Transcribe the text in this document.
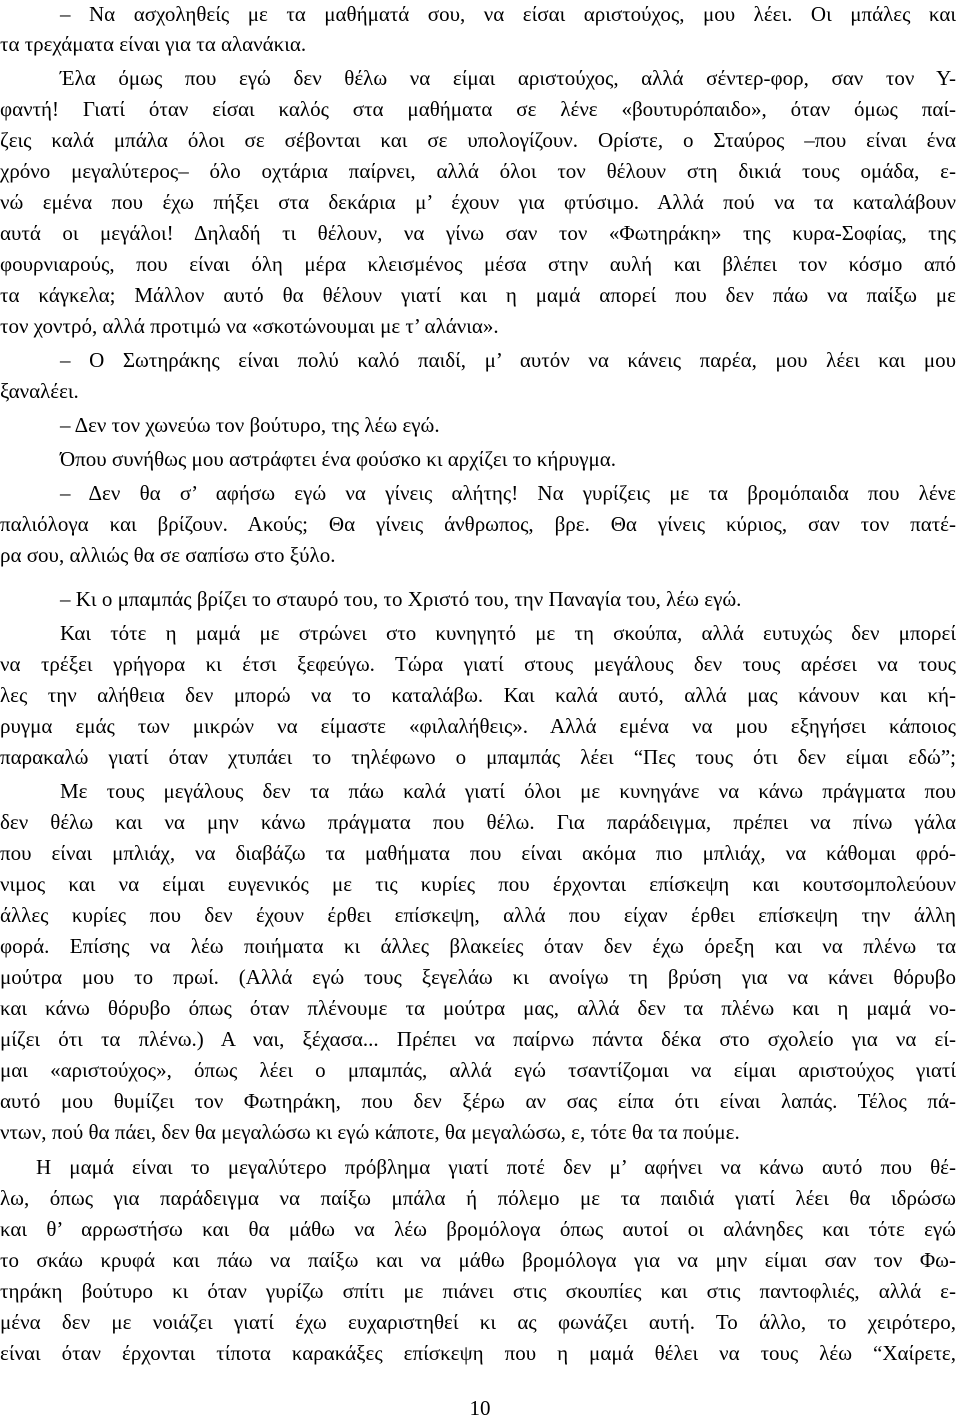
– Να ασχοληθείς με τα μαθήματά σου, να είσαι αριστούχος, μου λέει. Οι μπάλες και
τα τρεχάματα είναι για τα αλανάκια.
Έλα όμως που εγώ δεν θέλω να είμαι αριστούχος, αλλά σέντερ-φορ, σαν τον Υ-
φαντή! Γιατί όταν είσαι καλός στα μαθήματα σε λένε «βουτυρόπαιδο», όταν όμως παί-
ζεις καλά μπάλα όλοι σε σέβονται και σε υπολογίζουν. Ορίστε, ο Σταύρος –που είναι ένα
χρόνο μεγαλύτερος– όλο οχτάρια παίρνει, αλλά όλοι τον θέλουν στη δικιά τους ομάδα, ε-
νώ εμένα που έχω πήξει στα δεκάρια μ’ έχουν για φτύσιμο. Αλλά πού να τα καταλάβουν
αυτά οι μεγάλοι! Δηλαδή τι θέλουν, να γίνω σαν τον «Φωτηράκη» της κυρα-Σοφίας, της
φουρνιαρούς, που είναι όλη μέρα κλεισμένος μέσα στην αυλή και βλέπει τον κόσμο από
τα κάγκελα; Μάλλον αυτό θα θέλουν γιατί και η μαμά απορεί που δεν πάω να παίξω με
τον χοντρό, αλλά προτιμώ να «σκοτώνουμαι με τ’ αλάνια».
– Ο Σωτηράκης είναι πολύ καλό παιδί, μ’ αυτόν να κάνεις παρέα, μου λέει και μου
ξαναλέει.
– Δεν τον χωνεύω τον βούτυρο, της λέω εγώ.
Όπου συνήθως μου αστράφτει ένα φούσκο κι αρχίζει το κήρυγμα.
– Δεν θα σ’ αφήσω εγώ να γίνεις αλήτης! Να γυρίζεις με τα βρομόπαιδα που λένε
παλιόλογα και βρίζουν. Ακούς; Θα γίνεις άνθρωπος, βρε. Θα γίνεις κύριος, σαν τον πατέ-
ρα σου, αλλιώς θα σε σαπίσω στο ξύλο.
– Κι ο μπαμπάς βρίζει το σταυρό του, το Χριστό του, την Παναγία του, λέω εγώ.
Και τότε η μαμά με στρώνει στο κυνηγητό με τη σκούπα, αλλά ευτυχώς δεν μπορεί
να τρέξει γρήγορα κι έτσι ξεφεύγω. Τώρα γιατί στους μεγάλους δεν τους αρέσει να τους
λες την αλήθεια δεν μπορώ να το καταλάβω. Και καλά αυτό, αλλά μας κάνουν και κή-
ρυγμα εμάς των μικρών να είμαστε «φιλαλήθεις». Αλλά εμένα να μου εξηγήσει κάποιος
παρακαλώ γιατί όταν χτυπάει το τηλέφωνο ο μπαμπάς λέει “Πες τους ότι δεν είμαι εδώ”;
Με τους μεγάλους δεν τα πάω καλά γιατί όλοι με κυνηγάνε να κάνω πράγματα που
δεν θέλω και να μην κάνω πράγματα που θέλω. Για παράδειγμα, πρέπει να πίνω γάλα
που είναι μπλιάχ, να διαβάζω τα μαθήματα που είναι ακόμα πιο μπλιάχ, να κάθομαι φρό-
νιμος και να είμαι ευγενικός με τις κυρίες που έρχονται επίσκεψη και κουτσομπολεύουν
άλλες κυρίες που δεν έχουν έρθει επίσκεψη, αλλά που είχαν έρθει επίσκεψη την άλλη
φορά. Επίσης να λέω ποιήματα κι άλλες βλακείες όταν δεν έχω όρεξη και να πλένω τα
μούτρα μου το πρωί. (Αλλά εγώ τους ξεγελάω κι ανοίγω τη βρύση για να κάνει θόρυβο
και κάνω θόρυβο όπως όταν πλένουμε τα μούτρα μας, αλλά δεν τα πλένω και η μαμά νο-
μίζει ότι τα πλένω.) Α ναι, ξέχασα... Πρέπει να παίρνω πάντα δέκα στο σχολείο για να εί-
μαι «αριστούχος», όπως λέει ο μπαμπάς, αλλά εγώ τσαντίζομαι να είμαι αριστούχος γιατί
αυτό μου θυμίζει τον Φωτηράκη, που δεν ξέρω αν σας είπα ότι είναι λαπάς. Τέλος πά-
ντων, πού θα πάει, δεν θα μεγαλώσω κι εγώ κάποτε, θα μεγαλώσω, ε, τότε θα τα πούμε.
Η μαμά είναι το μεγαλύτερο πρόβλημα γιατί ποτέ δεν μ’ αφήνει να κάνω αυτό που θέ-
λω, όπως για παράδειγμα να παίξω μπάλα ή πόλεμο με τα παιδιά γιατί λέει θα ιδρώσω
και θ’ αρρωστήσω και θα μάθω να λέω βρομόλογα όπως αυτοί οι αλάνηδες και τότε εγώ
το σκάω κρυφά και πάω να παίξω και να μάθω βρομόλογα για να μην είμαι σαν τον Φω-
τηράκη βούτυρο κι όταν γυρίζω σπίτι με πιάνει στις σκουπίες και στις παντοφλιές, αλλά ε-
μένα δεν με νοιάζει γιατί έχω ευχαριστηθεί κι ας φωνάζει αυτή. Το άλλο, το χειρότερο,
είναι όταν έρχονται τίποτα καρακάξες επίσκεψη που η μαμά θέλει να τους λέω “Χαίρετε,
10
